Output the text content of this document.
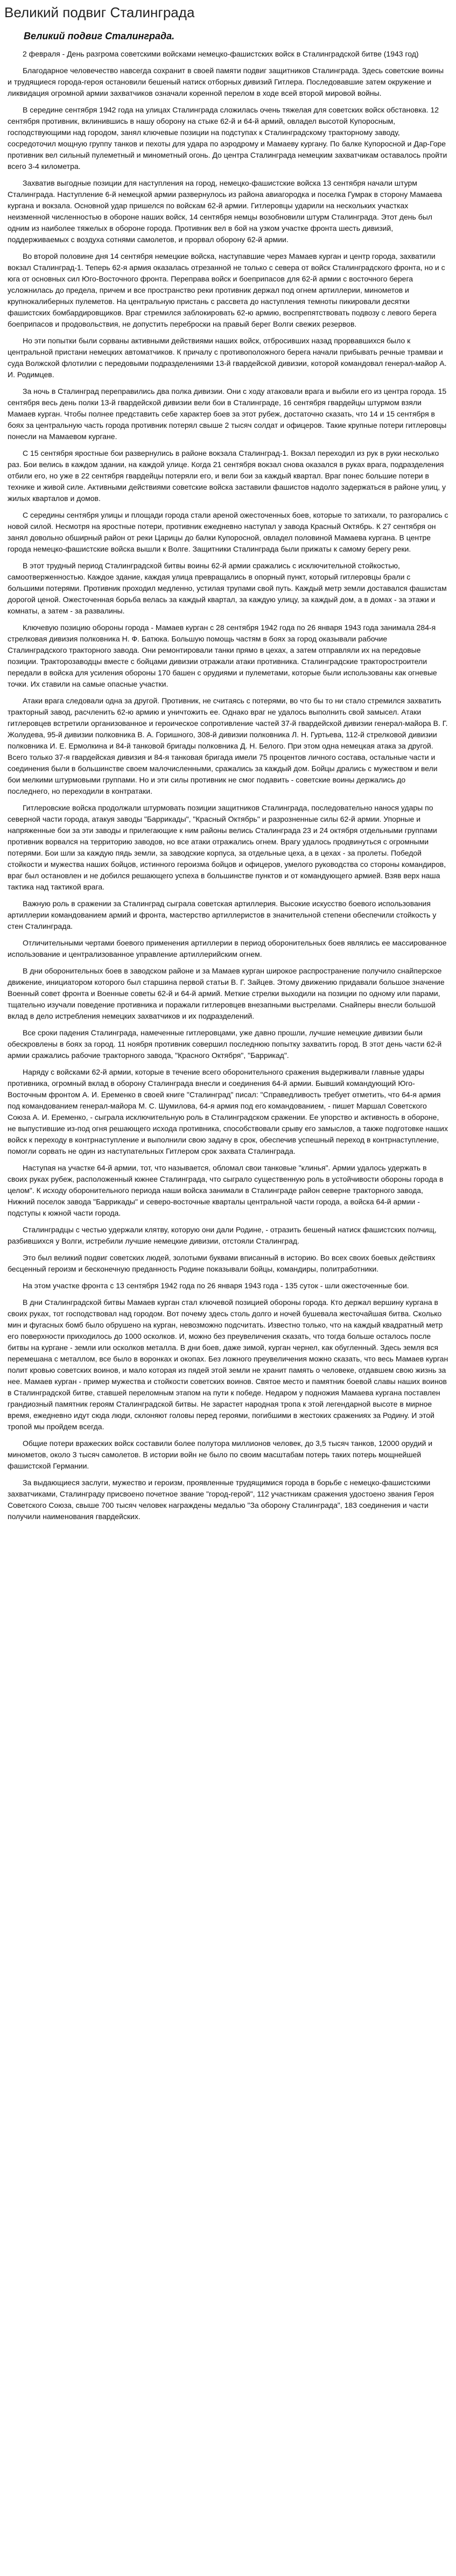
Великий подвиг Сталинграда
Великий подвиг Сталинграда.

2 февраля - День разгрома советскими войсками немецко-фашистских войск в Сталинградской битве (1943 год)

Благодарное человечество навсегда сохранит в своей памяти подвиг защитников Сталинграда. Здесь советские воины и трудящиеся города-героя остановили бешеный натиск отборных дивизий Гитлера. Последовавшие затем окружение и ликвидация огромной армии захватчиков означали коренной перелом в ходе всей второй мировой войны.

В середине сентября 1942 года на улицах Сталинграда сложилась очень тяжелая для советских войск обстановка. 12 сентября противник, вклинившись в нашу оборону на стыке 62-й и 64-й армий, овладел высотой Купоросным, господствующими над городом, занял ключевые позиции на подступах к Сталинградскому тракторному заводу, сосредоточил мощную группу танков и пехоты для удара по аэродрому и Мамаеву кургану. По балке Купоросной и Дар-Горе противник вел сильный пулеметный и минометный огонь. До центра Сталинграда немецким захватчикам оставалось пройти всего 3-4 километра.

Захватив выгодные позиции для наступления на город, немецко-фашистские войска 13 сентября начали штурм Сталинграда. Наступление 6-й немецкой армии развернулось из района авиагородка и поселка Гумрак в сторону Мамаева кургана и вокзала. Основной удар пришелся по войскам 62-й армии. Гитлеровцы ударили на нескольких участках неизменной численностью в обороне наших войск, 14 сентября немцы возобновили штурм Сталинграда. Этот день был одним из наиболее тяжелых в обороне города. Противник вел в бой на узком участке фронта шесть дивизий, поддерживаемых с воздуха сотнями самолетов, и прорвал оборону 62-й армии.

Во второй половине дня 14 сентября немецкие войска, наступавшие через Мамаев курган и центр города, захватили вокзал Сталинград-1. Теперь 62-я армия оказалась отрезанной не только с севера от войск Сталинградского фронта, но и с юга от основных сил Юго-Восточного фронта. Переправа войск и боеприпасов для 62-й армии с восточного берега усложнилась до предела, причем и все пространство реки противник держал под огнем артиллерии, минометов и крупнокалиберных пулеметов. На центральную пристань с рассвета до наступления темноты пикировали десятки фашистских бомбардировщиков. Враг стремился заблокировать 62-ю армию, воспрепятствовать подвозу с левого берега боеприпасов и продовольствия, не допустить переброски на правый берег Волги свежих резервов.

Но эти попытки были сорваны активными действиями наших войск, отбросивших назад прорвавшихся было к центральной пристани немецких автоматчиков. К причалу с противоположного берега начали прибывать речные трамваи и суда Волжской флотилии с передовыми подразделениями 13-й гвардейской дивизии, которой командовал генерал-майор А. И. Родимцев.

За ночь в Сталинград переправились два полка дивизии. Они с ходу атаковали врага и выбили его из центра города. 15 сентября весь день полки 13-й гвардейской дивизии вели бои в Сталинграде, 16 сентября гвардейцы штурмом взяли Мамаев курган. Чтобы полнее представить себе характер боев за этот рубеж, достаточно сказать, что 14 и 15 сентября в боях за центральную часть города противник потерял свыше 2 тысяч солдат и офицеров. Такие крупные потери гитлеровцы понесли на Мамаевом кургане.

С 15 сентября яростные бои развернулись в районе вокзала Сталинград-1. Вокзал переходил из рук в руки несколько раз. Бои велись в каждом здании, на каждой улице. Когда 21 сентября вокзал снова оказался в руках врага, подразделения отбили его, но уже в 22 сентября гвардейцы потеряли его, и вели бои за каждый квартал. Враг понес большие потери в технике и живой силе. Активными действиями советские войска заставили фашистов надолго задержаться в районе улиц, у жилых кварталов и домов.

С середины сентября улицы и площади города стали ареной ожесточенных боев, которые то затихали, то разгорались с новой силой. Несмотря на яростные потери, противник ежедневно наступал у завода Красный Октябрь. К 27 сентября он занял довольно обширный район от реки Царицы до балки Купоросной, овладел половиной Мамаева кургана. В центре города немецко-фашистские войска вышли к Волге. Защитники Сталинграда были прижаты к самому берегу реки.

В этот трудный период Сталинградской битвы воины 62-й армии сражались с исключительной стойкостью, самоотверженностью. Каждое здание, каждая улица превращались в опорный пункт, который гитлеровцы брали с большими потерями. Противник проходил медленно, устилая трупами свой путь. Каждый метр земли доставался фашистам дорогой ценой. Ожесточенная борьба велась за каждый квартал, за каждую улицу, за каждый дом, а в домах - за этажи и комнаты, а затем - за развалины.

Ключевую позицию обороны города - Мамаев курган с 28 сентября 1942 года по 26 января 1943 года занимала 284-я стрелковая дивизия полковника Н. Ф. Батюка. Большую помощь частям в боях за город оказывали рабочие Сталинградского тракторного завода. Они ремонтировали танки прямо в цехах, а затем отправляли их на передовые позиции. Тракторозаводцы вместе с бойцами дивизии отражали атаки противника. Сталинградские тракторостроители передали в войска для усиления обороны 170 башен с орудиями и пулеметами, которые были использованы как огневые точки. Их ставили на самые опасные участки.

Атаки врага следовали одна за другой. Противник, не считаясь с потерями, во что бы то ни стало стремился захватить тракторный завод, расчленить 62-ю армию и уничтожить ее. Однако враг не удалось выполнить свой замысел. Атаки гитлеровцев встретили организованное и героическое сопротивление частей 37-й гвардейской дивизии генерал-майора В. Г. Жолудева, 95-й дивизии полковника В. А. Горишного, 308-й дивизии полковника Л. Н. Гуртьева, 112-й стрелковой дивизии полковника И. Е. Ермолкина и 84-й танковой бригады полковника Д. Н. Белого. При этом одна немецкая атака за другой. Всего только 37-я гвардейская дивизия и 84-я танковая бригада имели 75 процентов личного состава, остальные части и соединения были в большинстве своем малочисленными, сражались за каждый дом. Бойцы дрались с мужеством и вели бои мелкими штурмовыми группами. Но и эти силы противник не смог подавить - советские воины держались до последнего, но переходили в контратаки.

Гитлеровские войска продолжали штурмовать позиции защитников Сталинграда, последовательно нанося удары по северной части города, атакуя заводы "Баррикады", "Красный Октябрь" и разрозненные силы 62-й армии. Упорные и напряженные бои за эти заводы и прилегающие к ним районы велись Сталинграда 23 и 24 октября отдельными группами противник ворвался на территорию заводов, но все атаки отражались огнем. Врагу удалось продвинуться с огромными потерями. Бои шли за каждую пядь земли, за заводские корпуса, за отдельные цеха, а в цехах - за пролеты. Победой стойкости и мужества наших бойцов, истинного героизма бойцов и офицеров, умелого руководства со стороны командиров, враг был остановлен и не добился решающего успеха в большинстве пунктов и от командующего армией. Взяв верх наша тактика над тактикой врага.

Важную роль в сражении за Сталинград сыграла советская артиллерия. Высокие искусство боевого использования артиллерии командованием армий и фронта, мастерство артиллеристов в значительной степени обеспечили стойкость у стен Сталинграда.

Отличительными чертами боевого применения артиллерии в период оборонительных боев являлись ее массированное использование и централизованное управление артиллерийским огнем.

В дни оборонительных боев в заводском районе и за Мамаев курган широкое распространение получило снайперское движение, инициатором которого был старшина первой статьи В. Г. Зайцев. Этому движению придавали большое значение Военный совет фронта и Военные советы 62-й и 64-й армий. Меткие стрелки выходили на позиции по одному или парами, тщательно изучали поведение противника и поражали гитлеровцев внезапными выстрелами. Снайперы внесли большой вклад в дело истребления немецких захватчиков и их подразделений.

Все сроки падения Сталинграда, намеченные гитлеровцами, уже давно прошли, лучшие немецкие дивизии были обескровлены в боях за город. 11 ноября противник совершил последнюю попытку захватить город. В этот день части 62-й армии сражались рабочие тракторного завода, "Красного Октября", "Баррикад".

Наряду с войсками 62-й армии, которые в течение всего оборонительного сражения выдерживали главные удары противника, огромный вклад в оборону Сталинграда внесли и соединения 64-й армии. Бывший командующий Юго-Восточным фронтом А. И. Еременко в своей книге "Сталинград" писал: "Справедливость требует отметить, что 64-я армия под командованием генерал-майора М. С. Шумилова, 64-я армия под его командованием, - пишет Маршал Советского Союза А. И. Еременко, - сыграла исключительную роль в Сталинградском сражении. Ее упорство и активность в обороне, не выпустившие из-под огня решающего исхода противника, способствовали срыву его замыслов, а также подготовке наших войск к переходу в контрнаступление и выполнили свою задачу в срок, обеспечив успешный переход в контрнаступление, помогли сорвать не один из наступательных Гитлером срок захвата Сталинграда.

Наступая на участке 64-й армии, тот, что называется, обломал свои танковые "клинья". Армии удалось удержать в своих руках рубеж, расположенный южнее Сталинграда, что сыграло существенную роль в устойчивости обороны города в целом". К исходу оборонительного периода наши войска занимали в Сталинграде район северне тракторного завода, Нижний поселок завода "Баррикады" и северо-восточные кварталы центральной части города, а войска 64-й армии - подступы к южной части города.

Сталинградцы с честью удержали клятву, которую они дали Родине, - отразить бешеный натиск фашистских полчищ, разбившихся у Волги, истребили лучшие немецкие дивизии, отстояли Сталинград.

Это был великий подвиг советских людей, золотыми буквами вписанный в историю. Во всех своих боевых действиях бесценный героизм и бесконечную преданность Родине показывали бойцы, командиры, политработники.

На этом участке фронта с 13 сентября 1942 года по 26 января 1943 года - 135 суток - шли ожесточенные бои.

В дни Сталинградской битвы Мамаев курган стал ключевой позицией обороны города. Кто держал вершину кургана в своих руках, тот господствовал над городом. Вот почему здесь столь долго и ночей бушевала жесточайшая битва. Сколько мин и фугасных бомб было обрушено на курган, невозможно подсчитать. Известно только, что на каждый квадратный метр его поверхности приходилось до 1000 осколков. И, можно без преувеличения сказать, что тогда больше осталось после битвы на кургане - земли или осколков металла. В дни боев, даже зимой, курган чернел, как обугленный. Здесь земля вся перемешана с металлом, все было в воронках и окопах. Без ложного преувеличения можно сказать, что весь Мамаев курган полит кровью советских воинов, и мало которая из пядей этой земли не хранит память о человеке, отдавшем свою жизнь за нее. Мамаев курган - пример мужества и стойкости советских воинов. Святое место и памятник боевой славы наших воинов в Сталинградской битве, ставшей переломным этапом на пути к победе. Недаром у подножия Мамаева кургана поставлен грандиозный памятник героям Сталинградской битвы. Не зарастет народная тропа к этой легендарной высоте в мирное время, ежедневно идут сюда люди, склоняют головы перед героями, погибшими в жестоких сражениях за Родину. И этой тропой мы пройдем всегда.

Общие потери вражеских войск составили более полутора миллионов человек, до 3,5 тысяч танков, 12000 орудий и минометов, около 3 тысяч самолетов. В истории войн не было по своим масштабам потерь таких потерь мощнейшей фашистской Германии.

За выдающиеся заслуги, мужество и героизм, проявленные трудящимися города в борьбе с немецко-фашистскими захватчиками, Сталинграду присвоено почетное звание "город-герой", 112 участникам сражения удостоено звания Героя Советского Союза, свыше 700 тысяч человек награждены медалью "За оборону Сталинграда", 183 соединения и части получили наименования гвардейских.
